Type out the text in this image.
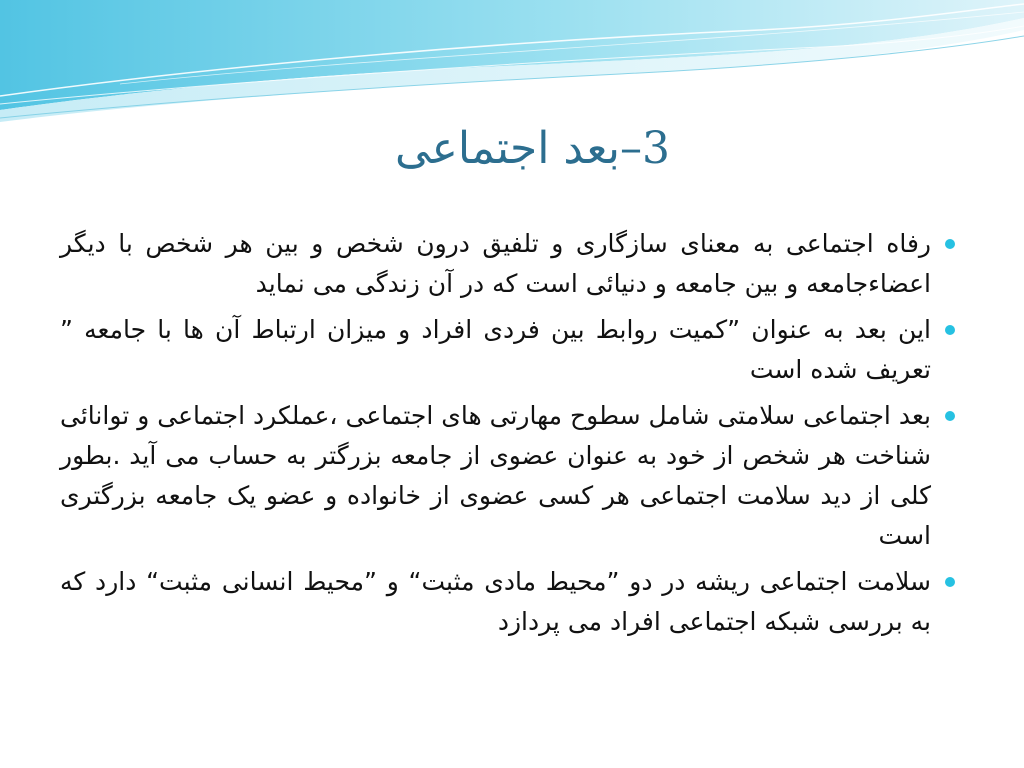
3–بعد اجتماعی
رفاه اجتماعی به معنای سازگاری و تلفیق درون شخص و بین هر شخص با دیگر اعضاءجامعه و بین جامعه و دنیائی است که در آن زندگی می نماید
این بعد به عنوان ”کمیت روابط بین فردی افراد و میزان ارتباط آن ها با جامعه ” تعریف شده است
بعد اجتماعی سلامتی شامل سطوح مهارتی های اجتماعی ،عملکرد اجتماعی و توانائی شناخت هر شخص از خود به عنوان عضوی از جامعه بزرگتر به حساب می آید .بطور کلی از دید سلامت اجتماعی هر کسی عضوی از خانواده و عضو یک جامعه بزرگتری است
سلامت اجتماعی ریشه در دو ”محیط مادی مثبت“ و ”محیط انسانی مثبت“ دارد که به بررسی شبکه اجتماعی افراد می پردازد
